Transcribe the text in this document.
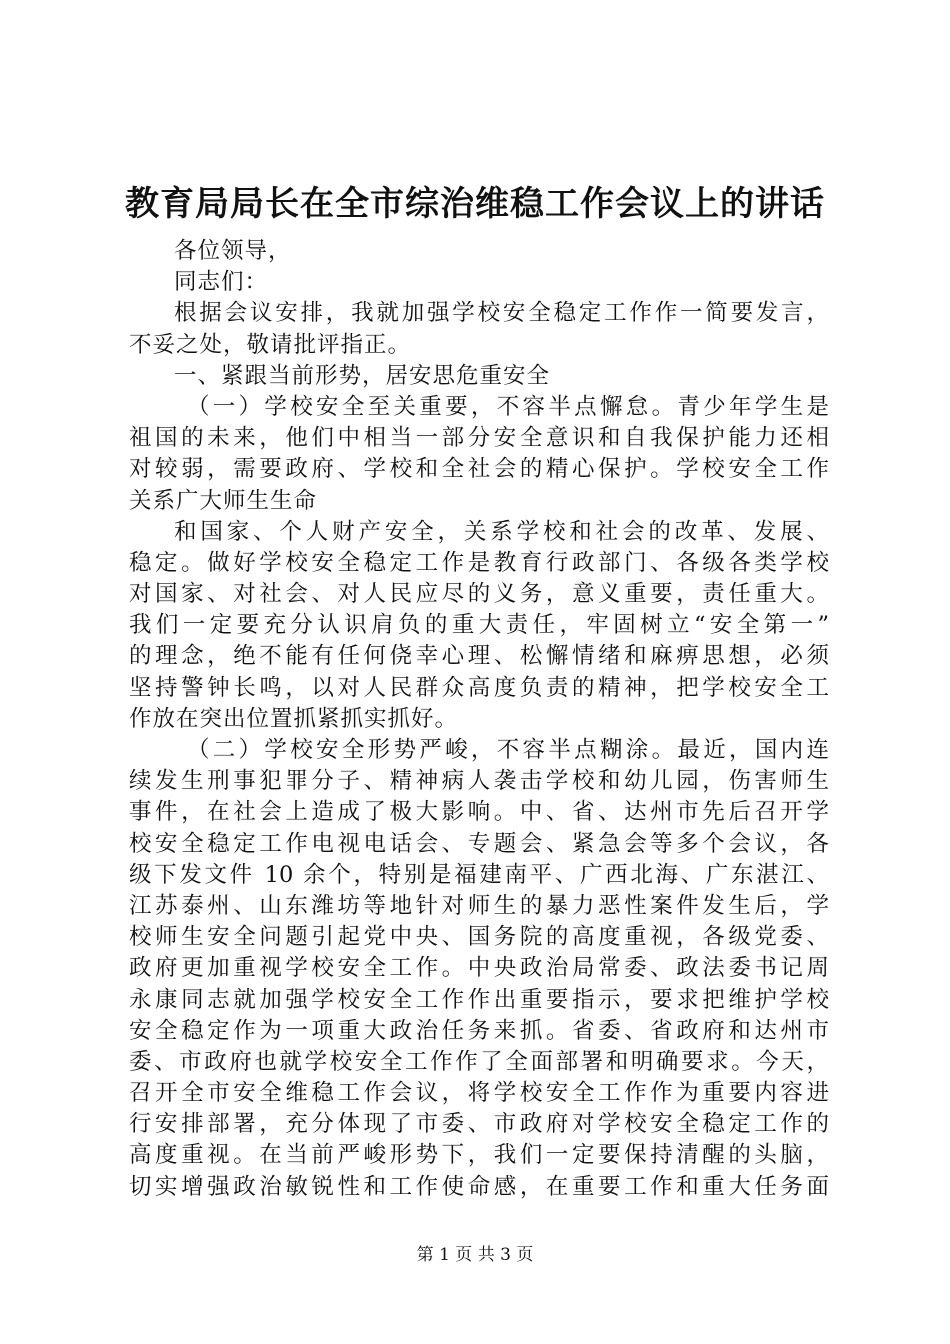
教育局局长在全市综治维稳工作会议上的讲话
各位领导，
同志们：
根据会议安排，我就加强学校安全稳定工作作一简要发言，
不妥之处，敬请批评指正。
一、紧跟当前形势，居安思危重安全
（一）学校安全至关重要，不容半点懈怠。青少年学生是
祖国的未来，他们中相当一部分安全意识和自我保护能力还相
对较弱，需要政府、学校和全社会的精心保护。学校安全工作
关系广大师生生命
和国家、个人财产安全，关系学校和社会的改革、发展、
稳定。做好学校安全稳定工作是教育行政部门、各级各类学校
对国家、对社会、对人民应尽的义务，意义重要，责任重大。
我们一定要充分认识肩负的重大责任，牢固树立“安全第一”
的理念，绝不能有任何侥幸心理、松懈情绪和麻痹思想，必须
坚持警钟长鸣，以对人民群众高度负责的精神，把学校安全工
作放在突出位置抓紧抓实抓好。
（二）学校安全形势严峻，不容半点糊涂。最近，国内连
续发生刑事犯罪分子、精神病人袭击学校和幼儿园，伤害师生
事件，在社会上造成了极大影响。中、省、达州市先后召开学
校安全稳定工作电视电话会、专题会、紧急会等多个会议，各
级下发文件 10 余个，特别是福建南平、广西北海、广东湛江、
江苏泰州、山东潍坊等地针对师生的暴力恶性案件发生后，学
校师生安全问题引起党中央、国务院的高度重视，各级党委、
政府更加重视学校安全工作。中央政治局常委、政法委书记周
永康同志就加强学校安全工作作出重要指示，要求把维护学校
安全稳定作为一项重大政治任务来抓。省委、省政府和达州市
委、市政府也就学校安全工作作了全面部署和明确要求。今天，
召开全市安全维稳工作会议，将学校安全工作作为重要内容进
行安排部署，充分体现了市委、市政府对学校安全稳定工作的
高度重视。在当前严峻形势下，我们一定要保持清醒的头脑，
切实增强政治敏锐性和工作使命感，在重要工作和重大任务面
第 1 页 共 3 页
